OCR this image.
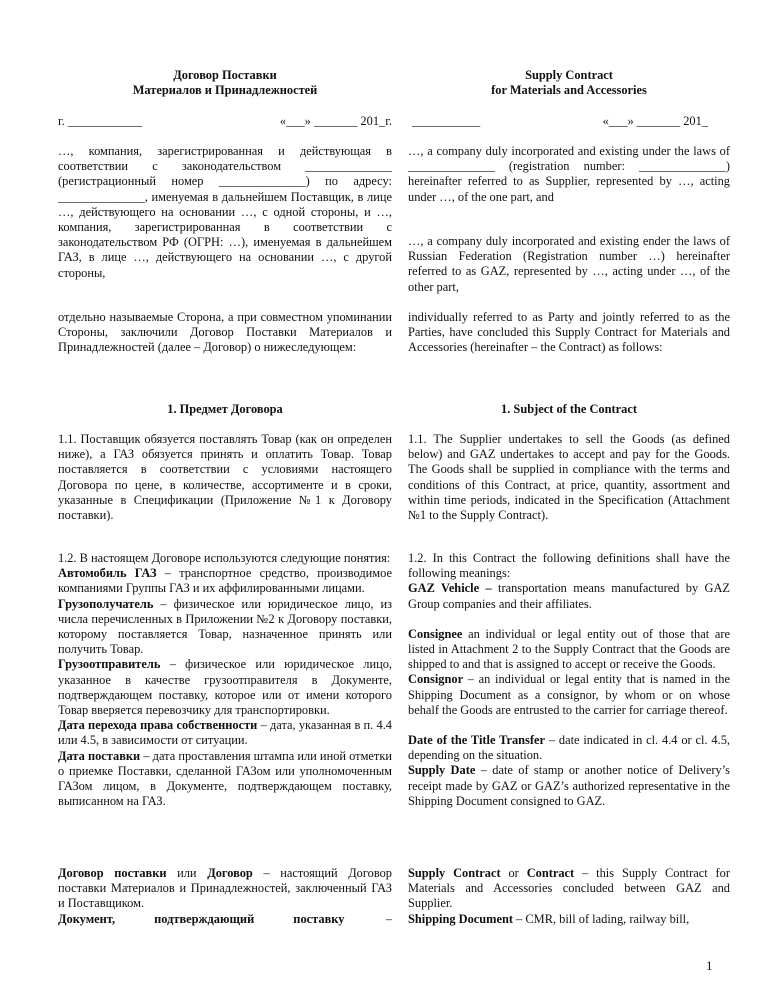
Договор Поставки
Материалов и Принадлежностей
Supply Contract
for Materials and Accessories
г. ____________	«___» _______ 201_г. ___________	«___» _______ 201_
…, компания, зарегистрированная и действующая в соответствии с законодательством ______________ (регистрационный номер ______________) по адресу: ______________, именуемая в дальнейшем Поставщик, в лице …, действующего на основании …, с одной стороны, и …, компания, зарегистрированная в соответствии с законодательством РФ (ОГРН: …), именуемая в дальнейшем ГАЗ, в лице …, действующего на основании …, с другой стороны,
…, a company duly incorporated and existing under the laws of ______________ (registration number: ______________) hereinafter referred to as Supplier, represented by …, acting under …, of the one part, and
…, a company duly incorporated and existing ender the laws of Russian Federation (Registration number …) hereinafter referred to as GAZ, represented by …, acting under …, of the other part,
отдельно называемые Сторона, а при совместном упоминании Стороны, заключили Договор Поставки Материалов и Принадлежностей (далее – Договор) о нижеследующем:
individually referred to as Party and jointly referred to as the Parties, have concluded this Supply Contract for Materials and Accessories (hereinafter – the Contract) as follows:
1. Предмет Договора	1. Subject of the Contract
1.1. Поставщик обязуется поставлять Товар (как он определен ниже), а ГАЗ обязуется принять и оплатить Товар. Товар поставляется в соответствии с условиями настоящего Договора по цене, в количестве, ассортименте и в сроки, указанные в Спецификации (Приложение №1 к Договору поставки).
1.1. The Supplier undertakes to sell the Goods (as defined below) and GAZ undertakes to accept and pay for the Goods. The Goods shall be supplied in compliance with the terms and conditions of this Contract, at price, quantity, assortment and within time periods, indicated in the Specification (Attachment №1 to the Supply Contract).
1.2. В настоящем Договоре используются следующие понятия:
Автомобиль ГАЗ – транспортное средство, производимое компаниями Группы ГАЗ и их аффилированными лицами.
Грузополучатель – физическое или юридическое лицо, из числа перечисленных в Приложении №2 к Договору поставки, которому поставляется Товар, назначенное принять или получить Товар.
Грузоотправитель – физическое или юридическое лицо, указанное в качестве грузоотправителя в Документе, подтверждающем поставку, которое или от имени которого Товар вверяется перевозчику для транспортировки.
Дата перехода права собственности – дата, указанная в п. 4.4 или 4.5, в зависимости от ситуации.
Дата поставки – дата проставления штампа или иной отметки о приемке Поставки, сделанной ГАЗом или уполномоченным ГАЗом лицом, в Документе, подтверждающем поставку, выписанном на ГАЗ.
1.2. In this Contract the following definitions shall have the following meanings:
GAZ Vehicle – transportation means manufactured by GAZ Group companies and their affiliates.
Consignee an individual or legal entity out of those that are listed in Attachment 2 to the Supply Contract that the Goods are shipped to and that is assigned to accept or receive the Goods.
Consignor – an individual or legal entity that is named in the Shipping Document as a consignor, by whom or on whose behalf the Goods are entrusted to the carrier for carriage thereof.
Date of the Title Transfer – date indicated in cl. 4.4 or cl. 4.5, depending on the situation.
Supply Date – date of stamp or another notice of Delivery’s receipt made by GAZ or GAZ’s authorized representative in the Shipping Document consigned to GAZ.
Договор поставки или Договор – настоящий Договор поставки Материалов и Принадлежностей, заключенный ГАЗ и Поставщиком.
Документ, подтверждающий поставку	–
Supply Contract or Contract – this Supply Contract for Materials and Accessories concluded between GAZ and Supplier.
Shipping Document – CMR, bill of lading, railway bill,
1
